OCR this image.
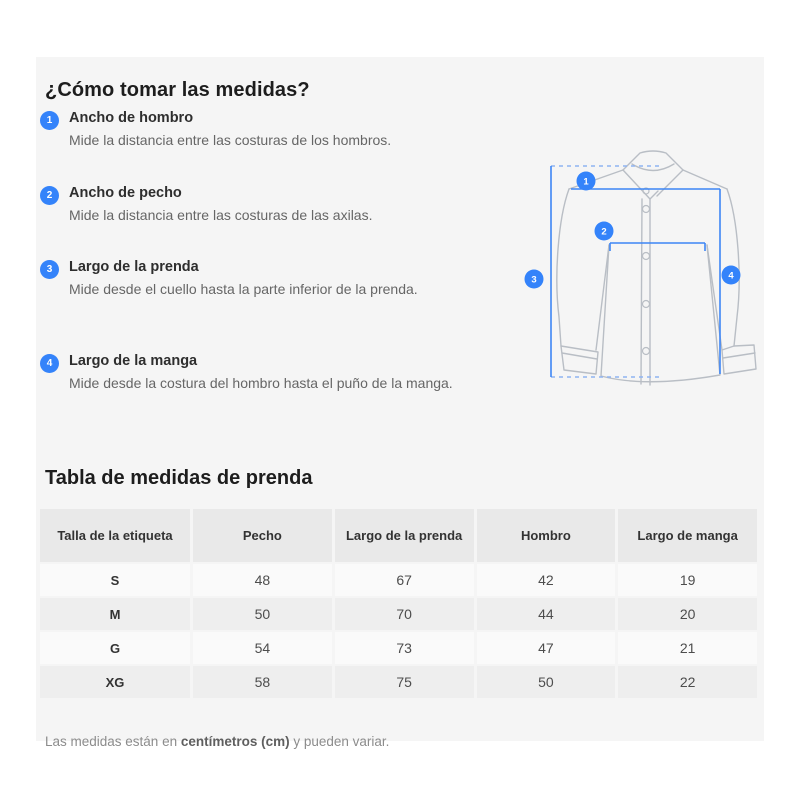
¿Cómo tomar las medidas?
1	Ancho de hombro

Mide la distancia entre las costuras de los hombros.

2	Ancho de pecho

Mide la distancia entre las costuras de las axilas.

3	Largo de la prenda

Mide desde el cuello hasta la parte inferior de la prenda.

4	Largo de la manga

Mide desde la costura del hombro hasta el puño de la manga.

1
2
3	4
Tabla de medidas de prenda
Talla de la etiqueta	Pecho	Largo de la prenda	Hombro	Largo de manga
S	48	67	42	19
M	50	70	44	20
G	54	73	47	21
XG	58	75	50	22

Las medidas están en centímetros (cm) y pueden variar.
